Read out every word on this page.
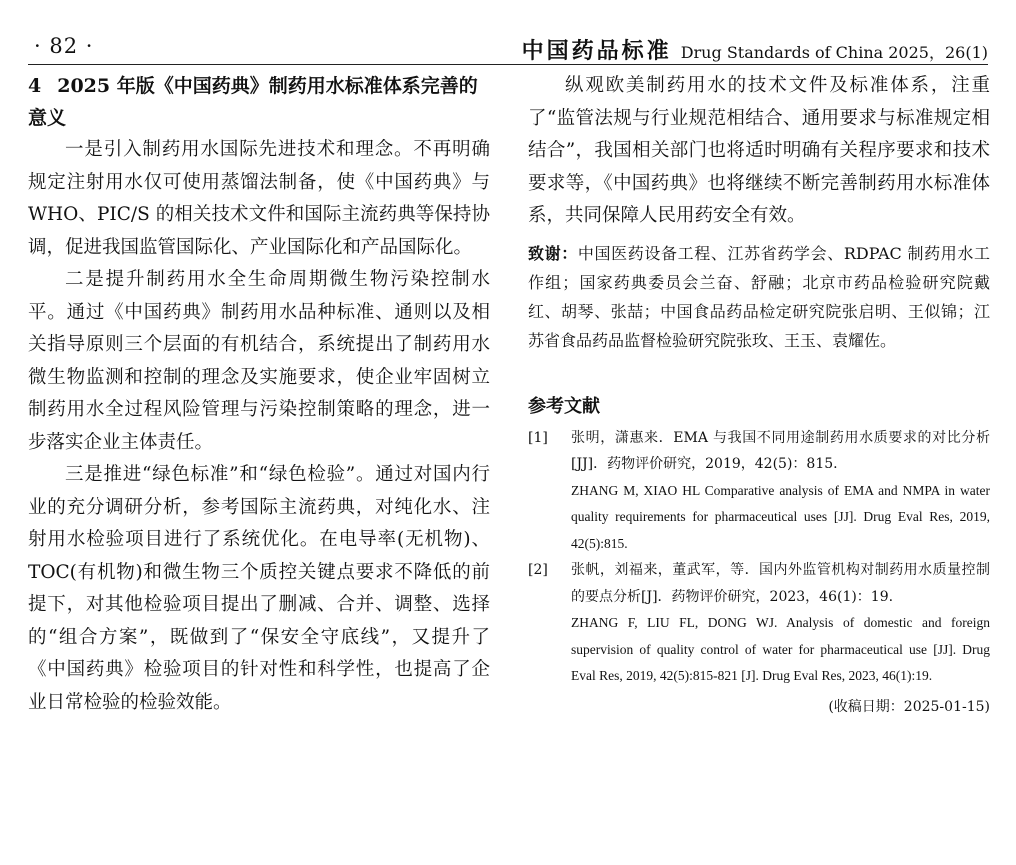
· 82 ·	中国药品标准 Drug Standards of China 2025，26(1)
4 2025 年版《中国药典》制药用水标准体系完善的意义

一是引入制药用水国际先进技术和理念。不再明确规定注射用水仅可使用蒸馏法制备，使《中国药典》与 WHO、PIC/S 的相关技术文件和国际主流药典等保持协调，促进我国监管国际化、产业国际化和产品国际化。

二是提升制药用水全生命周期微生物污染控制水平。通过《中国药典》制药用水品种标准、通则以及相关指导原则三个层面的有机结合，系统提出了制药用水微生物监测和控制的理念及实施要求，使企业牢固树立制药用水全过程风险管理与污染控制策略的理念，进一步落实企业主体责任。

三是推进“绿色标准”和“绿色检验”。通过对国内行业的充分调研分析，参考国际主流药典，对纯化水、注射用水检验项目进行了系统优化。在电导率(无机物)、TOC(有机物)和微生物三个质控关键点要求不降低的前提下，对其他检验项目提出了删减、合并、调整、选择的“组合方案”，既做到了“保安全守底线”，又提升了《中国药典》检验项目的针对性和科学性，也提高了企业日常检验的检验效能。

纵观欧美制药用水的技术文件及标准体系，注重了“监管法规与行业规范相结合、通用要求与标准规定相结合”，我国相关部门也将适时明确有关程序要求和技术要求等，《中国药典》也将继续不断完善制药用水标准体系，共同保障人民用药安全有效。

致谢：中国医药设备工程、江苏省药学会、RDPAC 制药用水工作组；国家药典委员会兰奋、舒融；北京市药品检验研究院戴红、胡琴、张喆；中国食品药品检定研究院张启明、王似锦；江苏省食品药品监督检验研究院张玫、王玉、袁耀佐。

参考文献
[1] 张明，潇惠来．EMA 与我国不同用途制药用水质要求的对比分析[JJ]．药物评价研究，2019，42(5)：815.

ZHANG M, XIAO HL Comparative analysis of EMA and NMPA in water quality requirements for pharmaceutical uses [JJ]. Drug Eval Res, 2019, 42(5):815.

[2] 张帆，刘福来，董武军，等．国内外监管机构对制药用水质量控制的要点分析[J]．药物评价研究，2023，46(1)：19.

ZHANG F, LIU FL, DONG WJ. Analysis of domestic and foreign supervision of quality control of water for pharmaceutical use [JJ]. Drug Eval Res, 2019, 42(5):815-821 [J]. Drug Eval Res, 2023, 46(1):19.

(收稿日期：2025-01-15)
